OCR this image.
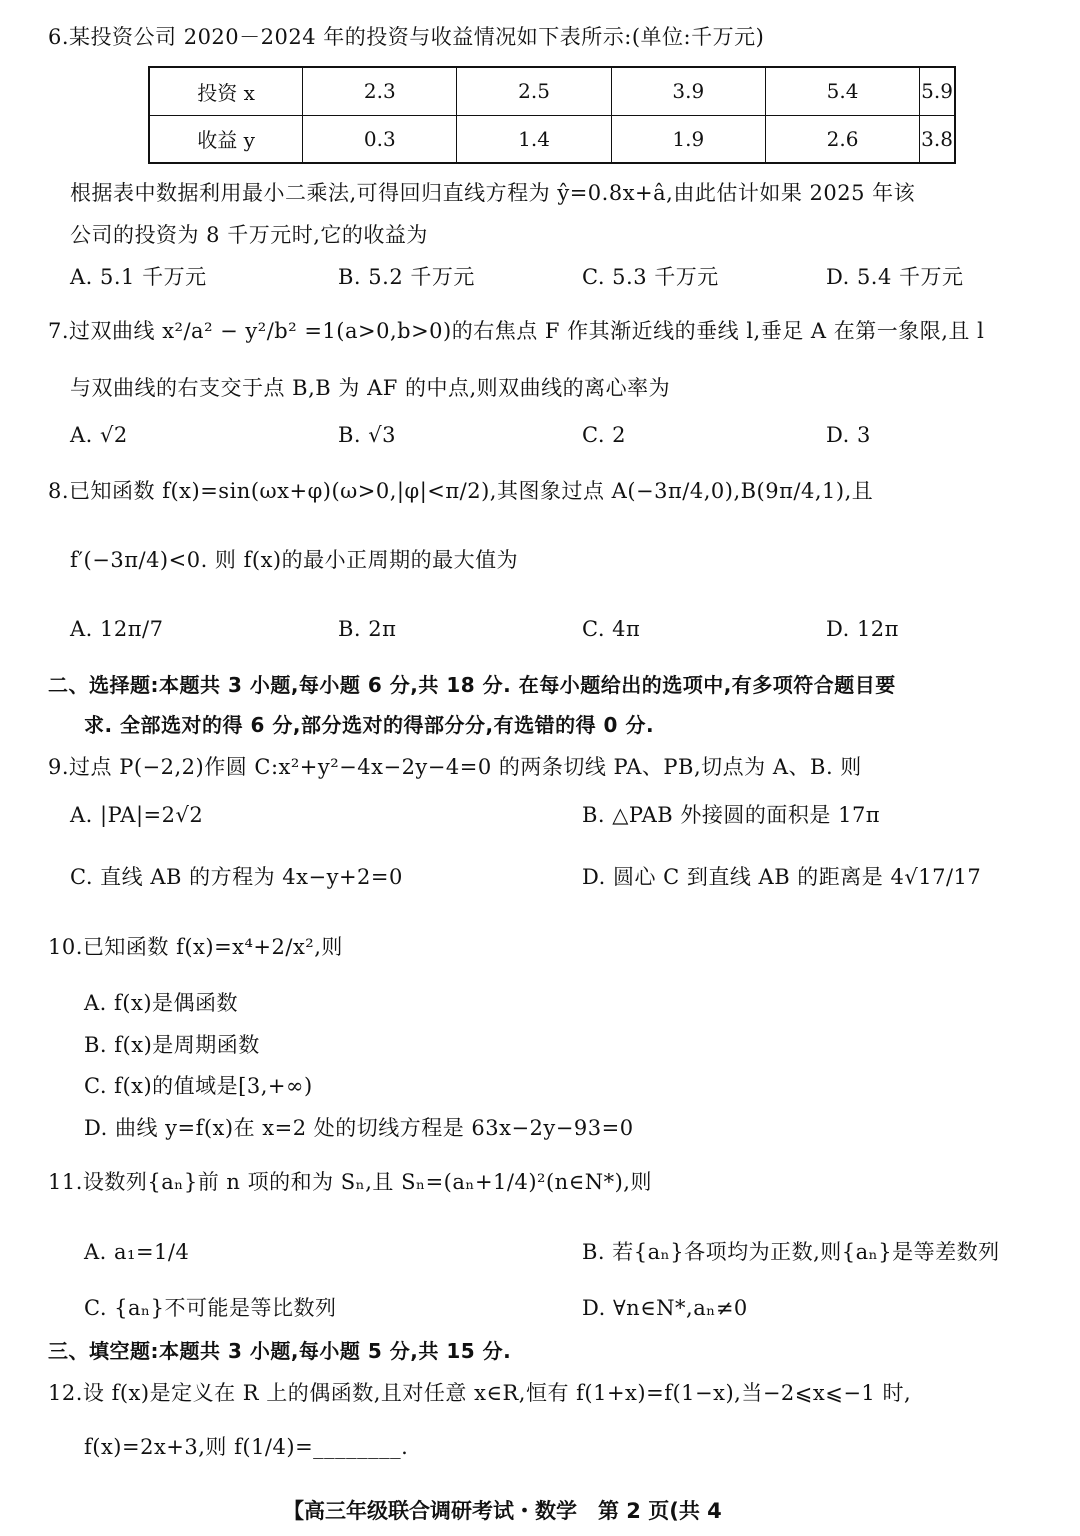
6.某投资公司 2020－2024 年的投资与收益情况如下表所示:(单位:千万元)
投资 x	2.3	2.5	3.9	5.4	5.9
收益 y	0.3	1.4	1.9	2.6	3.8
根据表中数据利用最小二乘法,可得回归直线方程为 ŷ=0.8x+â,由此估计如果 2025 年该
公司的投资为 8 千万元时,它的收益为
A. 5.1 千万元	B. 5.2 千万元	C. 5.3 千万元	D. 5.4 千万元
7.过双曲线 x²/a² − y²/b² =1(a>0,b>0)的右焦点 F 作其渐近线的垂线 l,垂足 A 在第一象限,且 l
与双曲线的右支交于点 B,B 为 AF 的中点,则双曲线的离心率为
A. √2	B. √3	C. 2	D. 3
8.已知函数 f(x)=sin(ωx+φ)(ω>0,|φ|<π/2),其图象过点 A(−3π/4,0),B(9π/4,1),且
f′(−3π/4)<0. 则 f(x)的最小正周期的最大值为
A. 12π/7	B. 2π	C. 4π	D. 12π
二、选择题:本题共 3 小题,每小题 6 分,共 18 分. 在每小题给出的选项中,有多项符合题目要
求. 全部选对的得 6 分,部分选对的得部分分,有选错的得 0 分.
9.过点 P(−2,2)作圆 C:x²+y²−4x−2y−4=0 的两条切线 PA、PB,切点为 A、B. 则
A. |PA|=2√2	B. △PAB 外接圆的面积是 17π
C. 直线 AB 的方程为 4x−y+2=0	D. 圆心 C 到直线 AB 的距离是 4√17/17
10.已知函数 f(x)=x⁴+2/x²,则
A. f(x)是偶函数
B. f(x)是周期函数
C. f(x)的值域是[3,+∞)
D. 曲线 y=f(x)在 x=2 处的切线方程是 63x−2y−93=0
11.设数列{aₙ}前 n 项的和为 Sₙ,且 Sₙ=(aₙ+1/4)²(n∈N*),则
A. a₁=1/4	B. 若{aₙ}各项均为正数,则{aₙ}是等差数列
C. {aₙ}不可能是等比数列	D. ∀n∈N*,aₙ≠0
三、填空题:本题共 3 小题,每小题 5 分,共 15 分.
12.设 f(x)是定义在 R 上的偶函数,且对任意 x∈R,恒有 f(1+x)=f(1−x),当−2⩽x⩽−1 时,
f(x)=2x+3,则 f(1/4)=________.
【高三年级联合调研考试・数学　第 2 页(共 4
